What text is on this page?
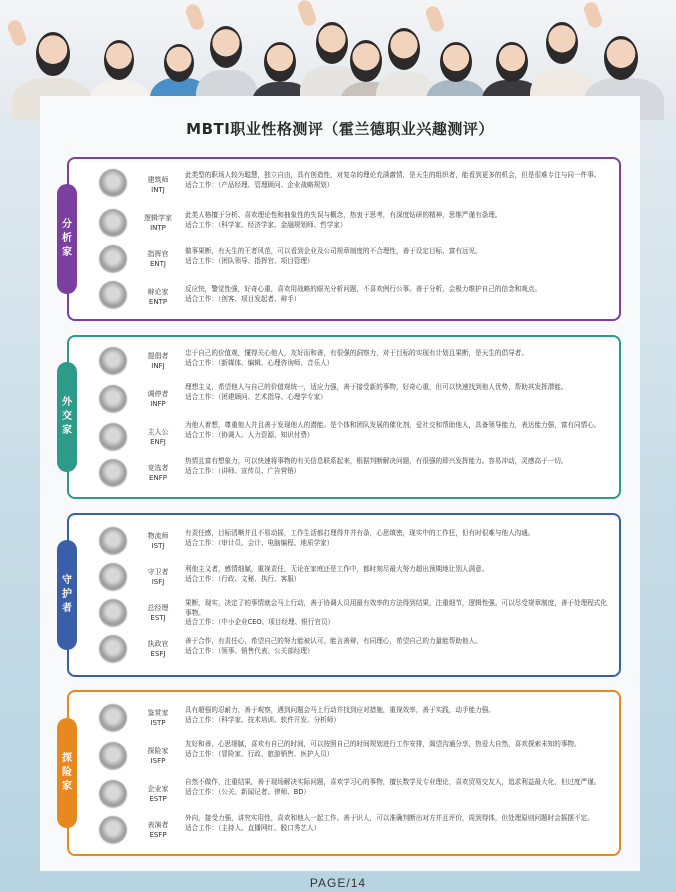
MBTI职业性格测评（霍兰德职业兴趣测评）
建筑师
INTJ
此类型的职场人较为聪慧，独立自由，具有创造性，对复杂的理论充满激情，是天生的组织者，能看到更多的机会，但是很难专注与同一件事。
适合工作：（产品经理、管理顾问、企业战略规划）
逻辑学家
INTP
此类人格擅于分析、喜欢理论性和抽象性的失误与概念，热衷于思考，有深度钻研的精神，思维严谨有条理。
适合工作：（科学家、经济学家、金融规划师、哲学家）
指挥官
ENTJ
做事果断，有天生的王者风范，可以看到企业及公司规章制度的不合理性，善于设定目标，富有远见。
适合工作：（团队领导、指挥官、项目管理）
辩论家
ENTP
反应快，警觉性强，好奇心重，喜欢用战略的眼光分析问题，不喜欢例行公事。善于分析，会极力维护自己的信念和观点。
适合工作：（创客、项目发起者、辩手）
分
析
家
提倡者
INFJ
忠于自己的价值观，懂得关心他人，友好而和善，有很强的洞察力，对于目标的实现有计划且果断，是天生的倡导者。
适合工作：（新媒体、编辑、心理咨询师、音乐人）
调停者
INFP
理想主义，希望他人与自己的价值观统一，适应力强，善于接受新的事物，好奇心重，但可以快速找到他人优势，帮助其发挥潜能。
适合工作：（团建顾问、艺术指导、心理学专家）
主人公
ENFJ
为他人着想，尊重他人并且善于发现他人的潜能。是个体和团队发展的催化剂，爱社交和帮助他人，具备领导能力，表达能力强，富有同情心。
适合工作：（协调人、人力资源、知识付费）
竞选者
ENFP
热情且富有想象力，可以快速将事物的有关信息联系起来，根据判断解决问题，有很强的即兴发挥能力。容易冲动，灵感高于一切。
适合工作：（讲师、宣传员、广告营销）
外
交
家
物流师
ISTJ
有责任感，目标清晰并且不易动摇，工作生活都打理得井井有条，心思缜密，现实中的工作狂，但有时很难与他人沟通。
适合工作：（审计员、会计、电脑编程、地质学家）
守卫者
ISFJ
利他主义者，感情细腻，重视责任，无论在家庭还是工作中，都时刻尽最大努力超出预期地让别人满意。
适合工作：（行政、文秘、执行、客服）
总经理
ESTJ
果断，现实，决定了的事情就会马上行动，善于协调人员用最有效率的方法得到结果，注重细节，逻辑性强。可以尽受规章制度，善于处理程式化事物。
适合工作：（中小企业CEO、项目经理、银行官员）
执政官
ESFJ
善于合作，有责任心，希望自己的努力能被认可。能言善辩，有同理心，希望自己的力量能帮助他人。
适合工作：（领事、销售代表、公关部经理）
守
护
者
鉴赏家
ISTP
具有超强的忍耐力，善于观察，遇到问题会马上行动并找到应对措施，重视效率，善于实践，动手能力强。
适合工作：（科学家、技术培训、软件开发、分析师）
探险家
ISFP
友好和善，心思细腻，喜欢有自己的时间，可以按照自己的时间规划进行工作安排，渴望沟通分享，热爱大自然，喜欢探索未知的事物。
适合工作：（冒险家、行政、旅游销售、医护人员）
企业家
ESTP
自然不做作，注重结果，善于现场解决实际问题，喜欢学习心的事物，擅长数学及专业理论，喜欢贸易交友人，追求利益最大化，但过度严谨。
适合工作：（公关、新闻记者、律师、BD）
表演者
ESFP
外向，接受力强，讲究实用性，喜欢和他人一起工作。善于识人，可以准确判断出对方并且评价，周到得体，但处理原则问题时会摇摆不定。
适合工作：（主持人、直播网红、脱口秀艺人）
探
险
家
PAGE/14
